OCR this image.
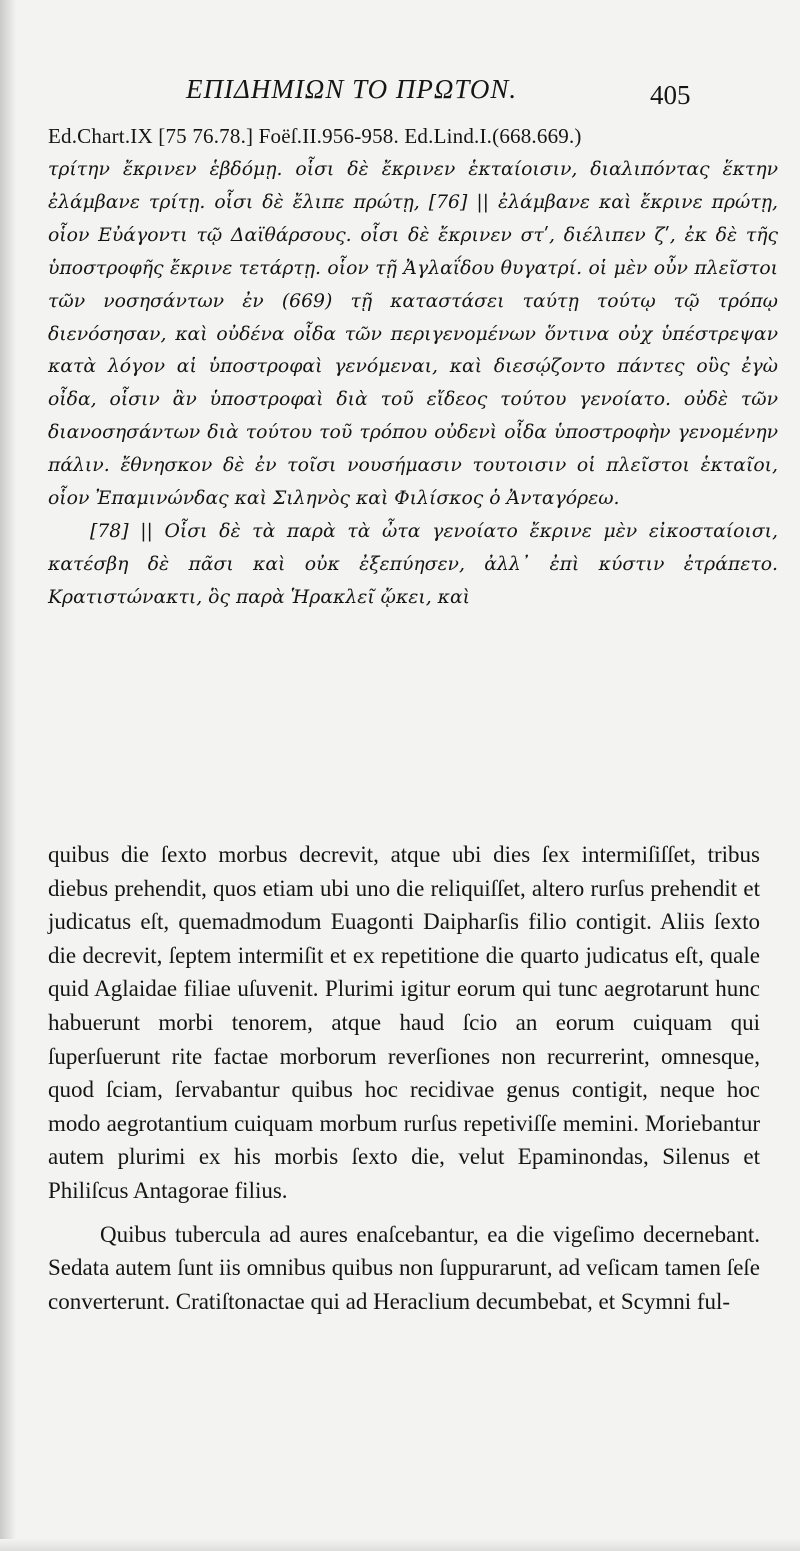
ΕΠΙΔΗΜΙΩΝ ΤΟ ΠΡΩΤΟΝ.	405
Ed.Chart.IX [75 76.78.] Foëſ.II.956-958. Ed.Lind.I.(668.669.)

τρίτην ἔκρινεν ἑβδόμῃ. οἷσι δὲ ἔκρινεν ἑκταίοισιν, διαλιπόντας ἕκτην ἐλάμβανε τρίτῃ. οἷσι δὲ ἔλιπε πρώτῃ, [76] || ἐλάμβανε καὶ ἔκρινε πρώτῃ, οἷον Εὐάγοντι τῷ Δαϊθάρσους. οἷσι δὲ ἔκρινεν στʹ, διέλιπεν ζʹ, ἐκ δὲ τῆς ὑποστροφῆς ἔκρινε τετάρτῃ. οἷον τῇ Ἀγλαΐδου θυγατρί. οἱ μὲν οὖν πλεῖστοι τῶν νοσησάντων ἐν (669) τῇ καταστάσει ταύτῃ τούτῳ τῷ τρόπῳ διενόσησαν, καὶ οὐδένα οἶδα τῶν περιγενομένων ὅντινα οὐχ ὑπέστρεψαν κατὰ λόγον αἱ ὑποστροφαὶ γενόμεναι, καὶ διεσῴζοντο πάντες οὓς ἐγὼ οἶδα, οἷσιν ἂν ὑποστροφαὶ διὰ τοῦ εἴδεος τούτου γενοίατο. οὐδὲ τῶν διανοσησάντων διὰ τούτου τοῦ τρόπου οὐδενὶ οἶδα ὑποστροφὴν γενομένην πάλιν. ἔθνησκον δὲ ἐν τοῖσι νουσήμασιν τουτοισιν οἱ πλεῖστοι ἑκταῖοι, οἷον Ἐπαμινώνδας καὶ Σιληνὸς καὶ Φιλίσκος ὁ Ἀνταγόρεω.

[78] || Οἷσι δὲ τὰ παρὰ τὰ ὦτα γενοίατο ἔκρινε μὲν εἰκοσταίοισι, κατέσβη δὲ πᾶσι καὶ οὐκ ἐξεπύησεν, ἀλλ᾽ ἐπὶ κύστιν ἐτράπετο. Κρατιστώνακτι, ὃς παρὰ Ἡρακλεῖ ᾤκει, καὶ

quibus die ſexto morbus decrevit, atque ubi dies ſex intermiſiſſet, tribus diebus prehendit, quos etiam ubi uno die reliquiſſet, altero rurſus prehendit et judicatus eſt, quemadmodum Euagonti Daipharſis filio contigit. Aliis ſexto die decrevit, ſeptem intermiſit et ex repetitione die quarto judicatus eſt, quale quid Aglaidae filiae uſuvenit. Plurimi igitur eorum qui tunc aegrotarunt hunc habuerunt morbi tenorem, atque haud ſcio an eorum cuiquam qui ſuperſuerunt rite factae morborum reverſiones non recurrerint, omnesque, quod ſciam, ſervabantur quibus hoc recidivae genus contigit, neque hoc modo aegrotantium cuiquam morbum rurſus repetiviſſe memini. Moriebantur autem plurimi ex his morbis ſexto die, velut Epaminondas, Silenus et Philiſcus Antagorae filius.

Quibus tubercula ad aures enaſcebantur, ea die vigeſimo decernebant. Sedata autem ſunt iis omnibus quibus non ſuppurarunt, ad veſicam tamen ſeſe converterunt. Cratiſtonactae qui ad Heraclium decumbebat, et Scymni ful-
